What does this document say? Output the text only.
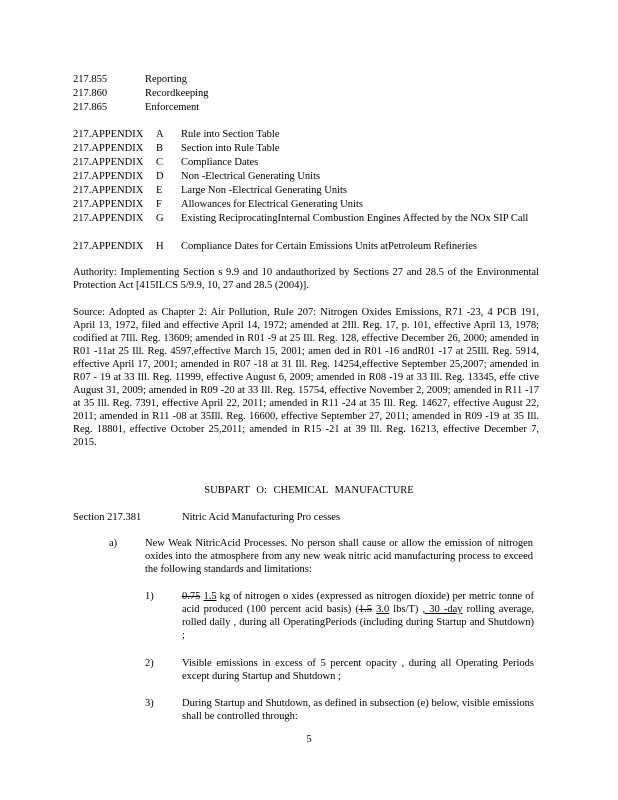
217.855	Reporting
217.860	Recordkeeping
217.865	Enforcement
217.APPENDIX A Rule into Section Table
217.APPENDIX B Section into Rule Table
217.APPENDIX C Compliance Dates
217.APPENDIX D Non -Electrical Generating Units
217.APPENDIX E Large Non -Electrical Generating Units
217.APPENDIX F Allowances for Electrical Generating Units
217.APPENDIX G Existing ReciprocatingInternal Combustion Engines Affected by the NOx SIP Call
217.APPENDIX H Compliance Dates for Certain Emissions Units atPetroleum Refineries
Authority: Implementing Section s 9.9 and 10 andauthorized by Sections 27 and 28.5 of the Environmental Protection Act [415ILCS 5/9.9, 10, 27 and 28.5 (2004)].
Source: Adopted as Chapter 2: Air Pollution, Rule 207: Nitrogen Oxides Emissions, R71 -23, 4 PCB 191, April 13, 1972, filed and effective April 14, 1972; amended at 2Ill. Reg. 17, p. 101, effective April 13, 1978; codified at 7Ill. Reg. 13609; amended in R01 -9 at 25 Ill. Reg. 128, effective December 26, 2000; amended in R01 -11at 25 Ill. Reg. 4597,effective March 15, 2001; amen ded in R01 -16 andR01 -17 at 25Ill. Reg. 5914, effective April 17, 2001; amended in R07 -18 at 31 Ill. Reg. 14254,effective September 25,2007; amended in R07 - 19 at 33 Ill. Reg. 11999, effective August 6, 2009; amended in R08 -19 at 33 Ill. Reg. 13345, effe ctive August 31, 2009; amended in R09 -20 at 33 Ill. Reg. 15754, effective November 2, 2009; amended in R11 -17 at 35 Ill. Reg. 7391, effective April 22, 2011; amended in R11 -24 at 35 Ill. Reg. 14627, effective August 22, 2011; amended in R11 -08 at 35Ill. Reg. 16600, effective September 27, 2011; amended in R09 -19 at 35 Ill. Reg. 18801, effective October 25,2011; amended in R15 -21 at 39 Ill. Reg. 16213, effective December 7, 2015.
SUBPART O: CHEMICAL MANUFACTURE
Section 217.381	Nitric Acid Manufacturing Pro cesses
a)	New Weak NitricAcid Processes. No person shall cause or allow the emission of nitrogen oxides into the atmosphere from any new weak nitric acid manufacturing process to exceed the following standards and limitations:
1)	0.75 1.5 kg of nitrogen o xides (expressed as nitrogen dioxide) per metric tonne of acid produced (100 percent acid basis) (1.5 3.0 lbs/T) , 30 -day rolling average, rolled daily , during all OperatingPeriods (including during Startup and Shutdown) ;
2)	Visible emissions in excess of 5 percent opacity , during all Operating Periods except during Startup and Shutdown ;
3)	During Startup and Shutdown, as defined in subsection (e) below, visible emissions shall be controlled through:
5
